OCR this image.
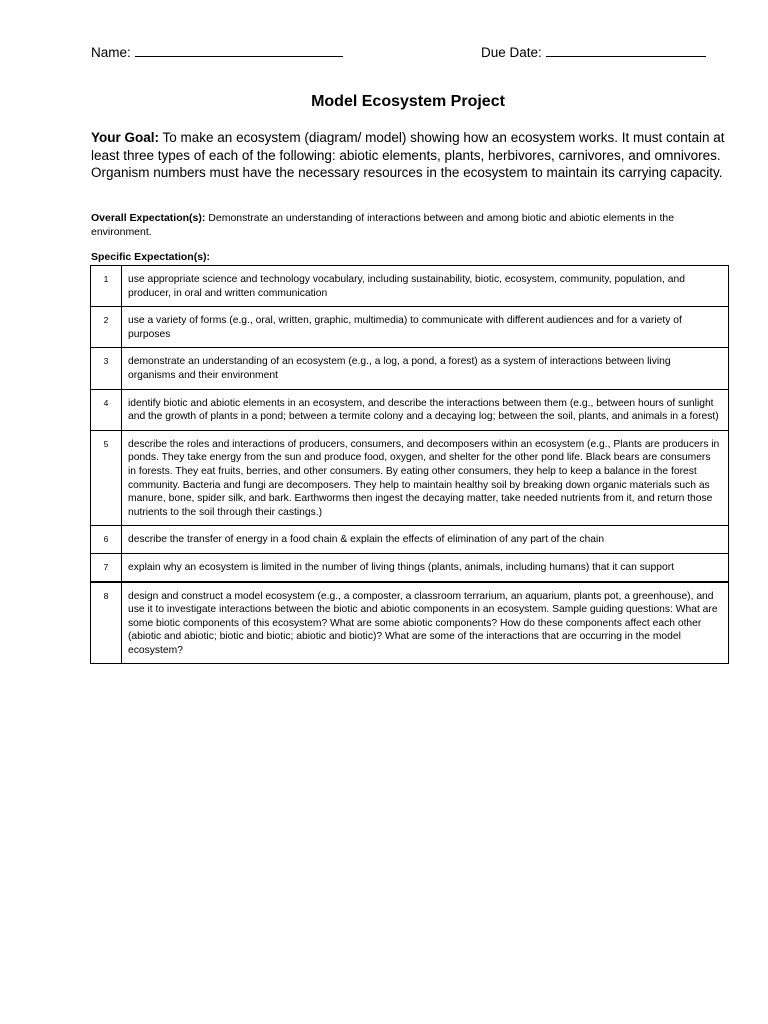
Name:	Due Date:
Model Ecosystem Project
Your Goal: To make an ecosystem (diagram/ model) showing how an ecosystem works. It must contain at least three types of each of the following: abiotic elements, plants, herbivores, carnivores, and omnivores. Organism numbers must have the necessary resources in the ecosystem to maintain its carrying capacity.
Overall Expectation(s): Demonstrate an understanding of interactions between and among biotic and abiotic elements in the environment.
Specific Expectation(s):
1	use appropriate science and technology vocabulary, including sustainability, biotic, ecosystem, community, population, and producer, in oral and written communication
2	use a variety of forms (e.g., oral, written, graphic, multimedia) to communicate with different audiences and for a variety of purposes
3	demonstrate an understanding of an ecosystem (e.g., a log, a pond, a forest) as a system of interactions between living organisms and their environment
4	identify biotic and abiotic elements in an ecosystem, and describe the interactions between them (e.g., between hours of sunlight and the growth of plants in a pond; between a termite colony and a decaying log; between the soil, plants, and animals in a forest)
5	describe the roles and interactions of producers, consumers, and decomposers within an ecosystem (e.g., Plants are producers in ponds. They take energy from the sun and produce food, oxygen, and shelter for the other pond life. Black bears are consumers in forests. They eat fruits, berries, and other consumers. By eating other consumers, they help to keep a balance in the forest community. Bacteria and fungi are decomposers. They help to maintain healthy soil by breaking down organic materials such as manure, bone, spider silk, and bark. Earthworms then ingest the decaying matter, take needed nutrients from it, and return those nutrients to the soil through their castings.)
6	describe the transfer of energy in a food chain & explain the effects of elimination of any part of the chain
7	explain why an ecosystem is limited in the number of living things (plants, animals, including humans) that it can support
8	design and construct a model ecosystem (e.g., a composter, a classroom terrarium, an aquarium, plants pot, a greenhouse), and use it to investigate interactions between the biotic and abiotic components in an ecosystem. Sample guiding questions: What are some biotic components of this ecosystem? What are some abiotic components? How do these components affect each other (abiotic and abiotic; biotic and biotic; abiotic and biotic)? What are some of the interactions that are occurring in the model ecosystem?
